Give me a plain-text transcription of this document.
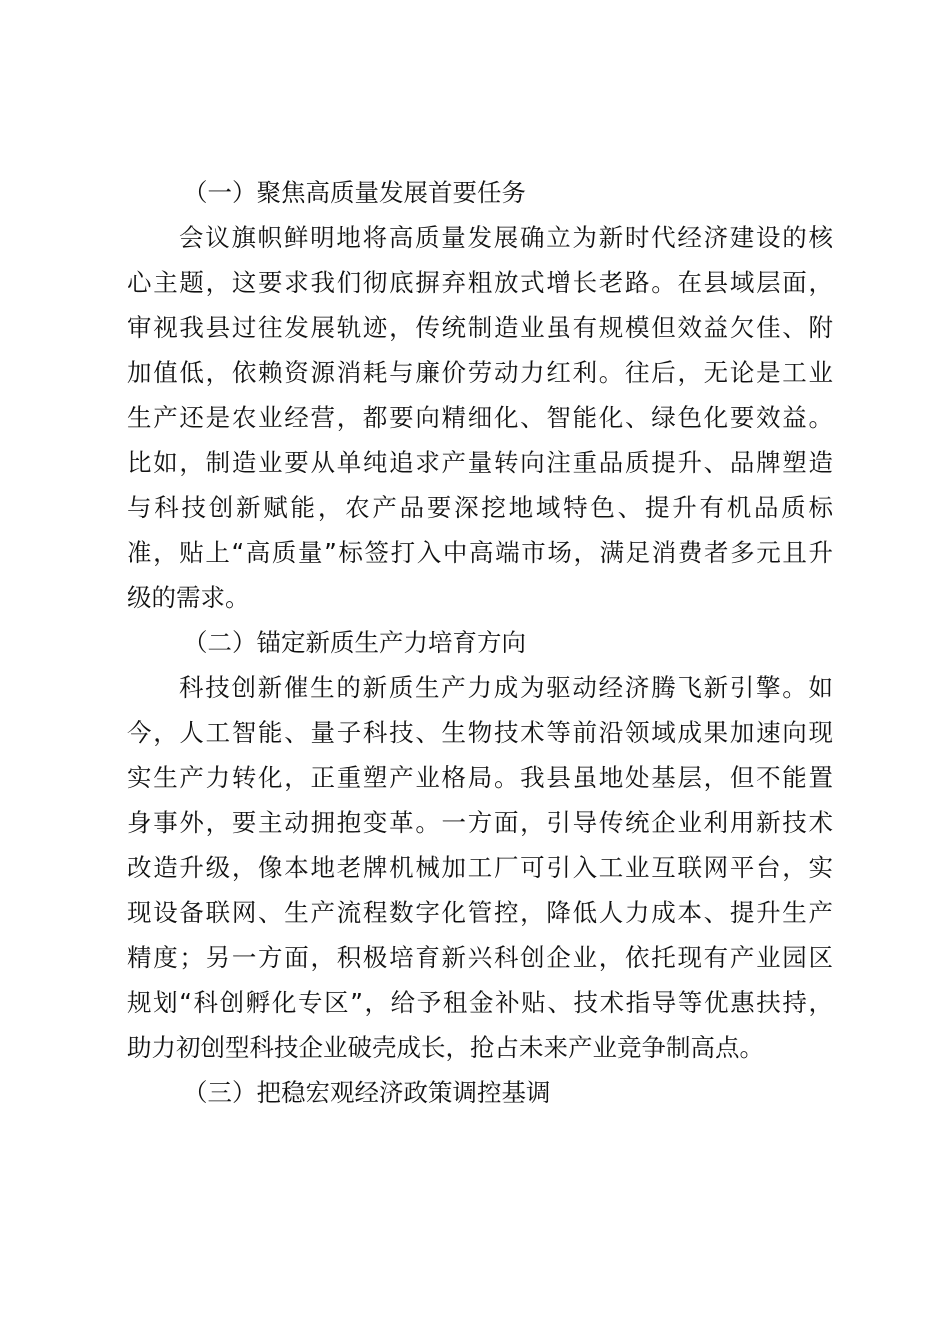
（一）聚焦高质量发展首要任务
会议旗帜鲜明地将高质量发展确立为新时代经济建设的核
心主题，这要求我们彻底摒弃粗放式增长老路。在县域层面，
审视我县过往发展轨迹，传统制造业虽有规模但效益欠佳、附
加值低，依赖资源消耗与廉价劳动力红利。往后，无论是工业
生产还是农业经营，都要向精细化、智能化、绿色化要效益。
比如，制造业要从单纯追求产量转向注重品质提升、品牌塑造
与科技创新赋能，农产品要深挖地域特色、提升有机品质标
准，贴上“高质量”标签打入中高端市场，满足消费者多元且升
级的需求。
（二）锚定新质生产力培育方向
科技创新催生的新质生产力成为驱动经济腾飞新引擎。如
今，人工智能、量子科技、生物技术等前沿领域成果加速向现
实生产力转化，正重塑产业格局。我县虽地处基层，但不能置
身事外，要主动拥抱变革。一方面，引导传统企业利用新技术
改造升级，像本地老牌机械加工厂可引入工业互联网平台，实
现设备联网、生产流程数字化管控，降低人力成本、提升生产
精度；另一方面，积极培育新兴科创企业，依托现有产业园区
规划“科创孵化专区”，给予租金补贴、技术指导等优惠扶持，
助力初创型科技企业破壳成长，抢占未来产业竞争制高点。
（三）把稳宏观经济政策调控基调
